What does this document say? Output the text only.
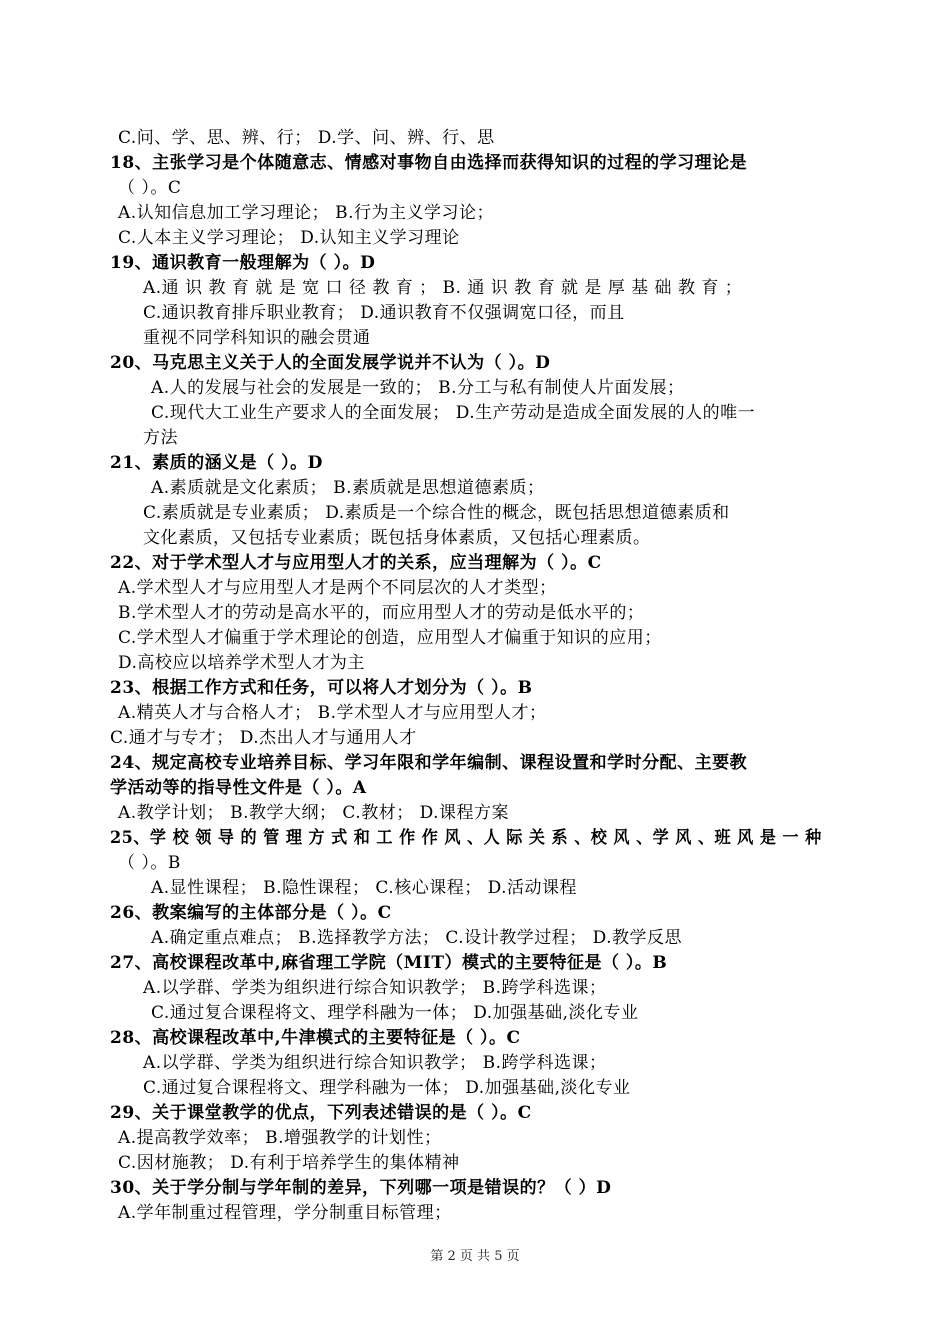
C.问、学、思、辨、行； D.学、问、辨、行、思
18、主张学习是个体随意志、情感对事物自由选择而获得知识的过程的学习理论是
（ ）。C
A.认知信息加工学习理论； B.行为主义学习论；
C.人本主义学习理论； D.认知主义学习理论
19、通识教育一般理解为（ ）。D
A.通 识 教 育 就 是 宽 口 径 教 育 ； B. 通 识 教 育 就 是 厚 基 础 教 育 ；
C.通识教育排斥职业教育； D.通识教育不仅强调宽口径，而且
重视不同学科知识的融会贯通
20、马克思主义关于人的全面发展学说并不认为（ ）。D
A.人的发展与社会的发展是一致的； B.分工与私有制使人片面发展；
C.现代大工业生产要求人的全面发展； D.生产劳动是造成全面发展的人的唯一
方法
21、素质的涵义是（ ）。D
A.素质就是文化素质； B.素质就是思想道德素质；
C.素质就是专业素质； D.素质是一个综合性的概念，既包括思想道德素质和
文化素质，又包括专业素质；既包括身体素质，又包括心理素质。
22、对于学术型人才与应用型人才的关系，应当理解为（ ）。C
A.学术型人才与应用型人才是两个不同层次的人才类型；
B.学术型人才的劳动是高水平的，而应用型人才的劳动是低水平的；
C.学术型人才偏重于学术理论的创造，应用型人才偏重于知识的应用；
D.高校应以培养学术型人才为主
23、根据工作方式和任务，可以将人才划分为（ ）。B
A.精英人才与合格人才； B.学术型人才与应用型人才；
C.通才与专才； D.杰出人才与通用人才
24、规定高校专业培养目标、学习年限和学年编制、课程设置和学时分配、主要教
学活动等的指导性文件是（ ）。A
A.教学计划； B.教学大纲； C.教材； D.课程方案
25、学 校 领 导 的 管 理 方 式 和 工 作 作 风 、人 际 关 系 、校 风 、学 风 、班 风 是 一 种
（ ）。B
A.显性课程； B.隐性课程； C.核心课程； D.活动课程
26、教案编写的主体部分是（ ）。C
A.确定重点难点； B.选择教学方法； C.设计教学过程； D.教学反思
27、高校课程改革中,麻省理工学院（MIT）模式的主要特征是（ ）。B
A.以学群、学类为组织进行综合知识教学； B.跨学科选课；
C.通过复合课程将文、理学科融为一体； D.加强基础,淡化专业
28、高校课程改革中,牛津模式的主要特征是（ ）。C
A.以学群、学类为组织进行综合知识教学； B.跨学科选课；
C.通过复合课程将文、理学科融为一体； D.加强基础,淡化专业
29、关于课堂教学的优点，下列表述错误的是（ ）。C
A.提高教学效率； B.增强教学的计划性；
C.因材施教； D.有利于培养学生的集体精神
30、关于学分制与学年制的差异，下列哪一项是错误的？（ ）D
A.学年制重过程管理，学分制重目标管理；
第 2 页 共 5 页
